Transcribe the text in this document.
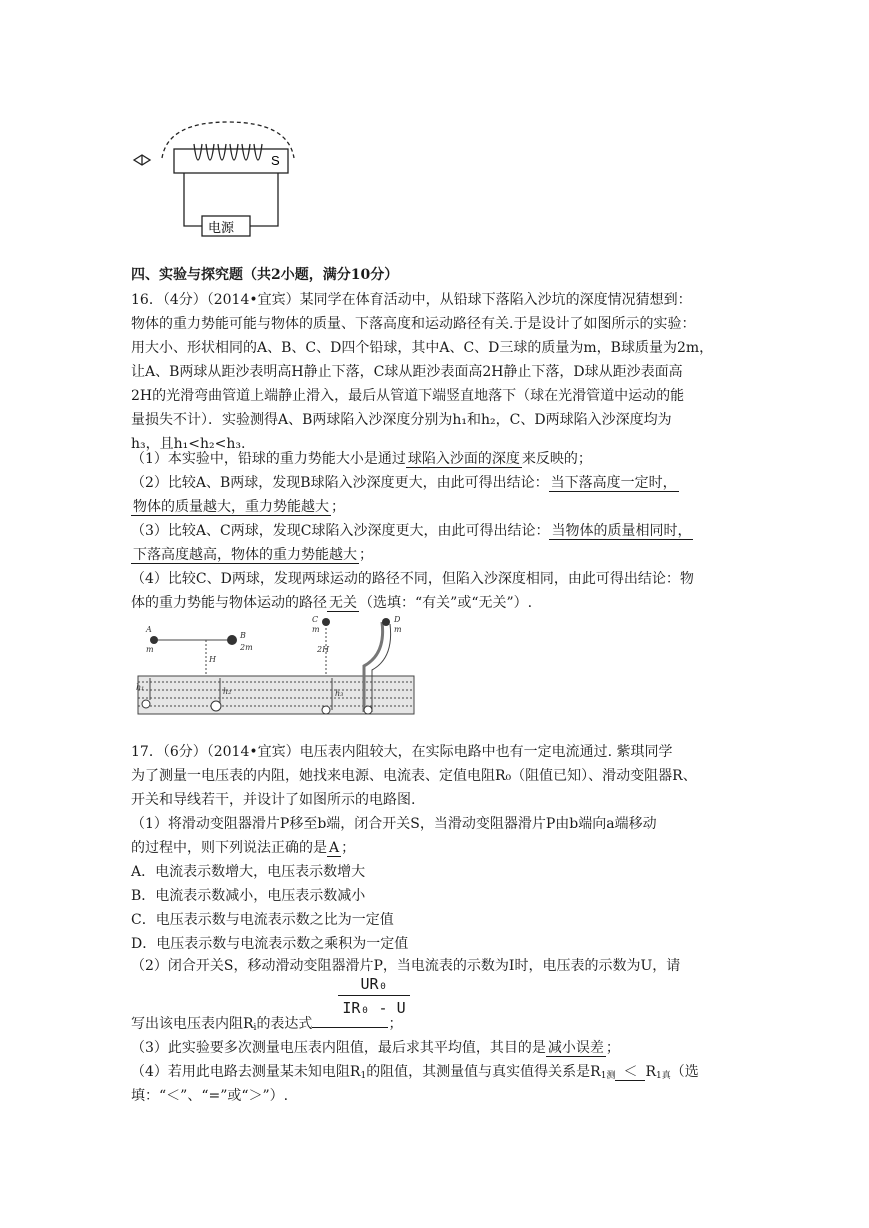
S
电源
四、实验与探究题（共2小题，满分10分）
16．（4分）（2014•宜宾）某同学在体育活动中，从铅球下落陷入沙坑的深度情况猜想到：
物体的重力势能可能与物体的质量、下落高度和运动路径有关.于是设计了如图所示的实验：
用大小、形状相同的A、B、C、D四个铅球，其中A、C、D三球的质量为m，B球质量为2m，
让A、B两球从距沙表明高H静止下落，C球从距沙表面高2H静止下落，D球从距沙表面高
2H的光滑弯曲管道上端静止滑入，最后从管道下端竖直地落下（球在光滑管道中运动的能
量损失不计）．实验测得A、B两球陷入沙深度分别为h₁和h₂，C、D两球陷入沙深度均为
h₃，且h₁<h₂<h₃.
（1）本实验中，铅球的重力势能大小是通过 球陷入沙面的深度 来反映的；
（2）比较A、B两球，发现B球陷入沙深度更大，由此可得出结论： 当下落高度一定时，
物体的质量越大，重力势能越大 ；
（3）比较A、C两球，发现C球陷入沙深度更大，由此可得出结论： 当物体的质量相同时，
下落高度越高，物体的重力势能越大 ；
（4）比较C、D两球，发现两球运动的路径不同，但陷入沙深度相同，由此可得出结论：物
体的重力势能与物体运动的路径 无关 （选填：“有关”或“无关”）.
A
m
B
2m
C
m
D
m
H
2H
h₁	h₂	h₃
17．（6分）（2014•宜宾）电压表内阻较大，在实际电路中也有一定电流通过. 紫琪同学
为了测量一电压表的内阻，她找来电源、电流表、定值电阻R₀（阻值已知）、滑动变阻器R、
开关和导线若干，并设计了如图所示的电路图.
（1）将滑动变阻器滑片P移至b端，闭合开关S，当滑动变阻器滑片P由b端向a端移动
的过程中，则下列说法正确的是 A ；
A．电流表示数增大，电压表示数增大
B．电流表示数减小，电压表示数减小
C．电压表示数与电流表示数之比为一定值
D．电压表示数与电流表示数之乘积为一定值
（2）闭合开关S，移动滑动变阻器滑片P，当电流表的示数为I时，电压表的示数为U，请
$\frac{\text{UR₀}}{\text{IR₀ - U}}$
写出该电压表内阻$R_i$的表达式	；
（3）此实验要多次测量电压表内阻值，最后求其平均值，其目的是 减小误差 ；
（4）若用此电路去测量某未知电阻$R_1$的阻值，其测量值与真实值得关系是$R_{1测} < R_{1真}$（选
填：“＜”、“=”或“＞”）.
